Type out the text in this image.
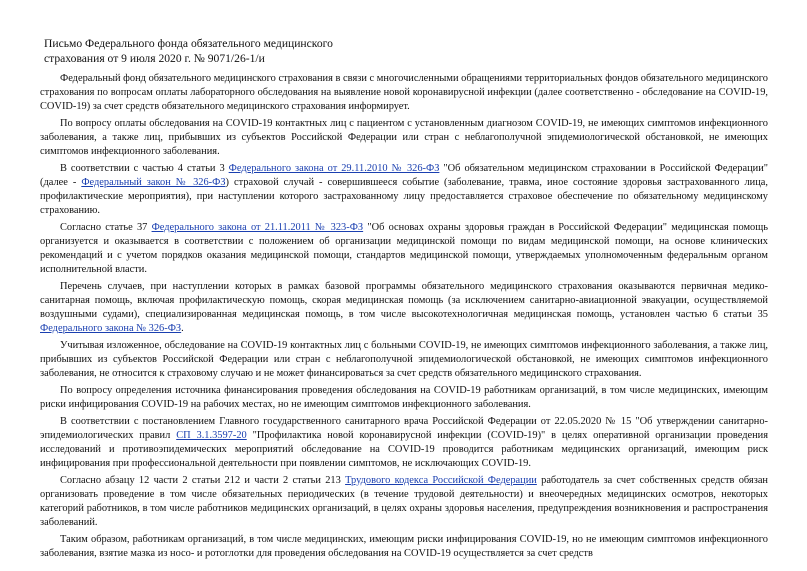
Письмо Федерального фонда обязательного медицинского
страхования от 9 июля 2020 г. № 9071/26-1/и

Федеральный фонд обязательного медицинского страхования в связи с многочисленными обращениями территориальных фондов обязательного медицинского страхования по вопросам оплаты лабораторного обследования на выявление новой коронавирусной инфекции (далее соответственно - обследование на COVID-19, COVID-19) за счет средств обязательного медицинского страхования информирует.

По вопросу оплаты обследования на COVID-19 контактных лиц с пациентом с установленным диагнозом COVID-19, не имеющих симптомов инфекционного заболевания, а также лиц, прибывших из субъектов Российской Федерации или стран с неблагополучной эпидемиологической обстановкой, не имеющих симптомов инфекционного заболевания.

В соответствии с частью 4 статьи 3 Федерального закона от 29.11.2010 № 326-ФЗ "Об обязательном медицинском страховании в Российской Федерации" (далее - Федеральный закон № 326-ФЗ) страховой случай - совершившееся событие (заболевание, травма, иное состояние здоровья застрахованного лица, профилактические мероприятия), при наступлении которого застрахованному лицу предоставляется страховое обеспечение по обязательному медицинскому страхованию.

Согласно статье 37 Федерального закона от 21.11.2011 № 323-ФЗ "Об основах охраны здоровья граждан в Российской Федерации" медицинская помощь организуется и оказывается в соответствии с положением об организации медицинской помощи по видам медицинской помощи, на основе клинических рекомендаций и с учетом порядков оказания медицинской помощи, стандартов медицинской помощи, утверждаемых уполномоченным федеральным органом исполнительной власти.

Перечень случаев, при наступлении которых в рамках базовой программы обязательного медицинского страхования оказываются первичная медико-санитарная помощь, включая профилактическую помощь, скорая медицинская помощь (за исключением санитарно-авиационной эвакуации, осуществляемой воздушными судами), специализированная медицинская помощь, в том числе высокотехнологичная медицинская помощь, установлен частью 6 статьи 35 Федерального закона № 326-ФЗ.

Учитывая изложенное, обследование на COVID-19 контактных лиц с больными COVID-19, не имеющих симптомов инфекционного заболевания, а также лиц, прибывших из субъектов Российской Федерации или стран с неблагополучной эпидемиологической обстановкой, не имеющих симптомов инфекционного заболевания, не относится к страховому случаю и не может финансироваться за счет средств обязательного медицинского страхования.

По вопросу определения источника финансирования проведения обследования на COVID-19 работникам организаций, в том числе медицинских, имеющим риски инфицирования COVID-19 на рабочих местах, но не имеющим симптомов инфекционного заболевания.

В соответствии с постановлением Главного государственного санитарного врача Российской Федерации от 22.05.2020 № 15 "Об утверждении санитарно-эпидемиологических правил СП 3.1.3597-20 "Профилактика новой коронавирусной инфекции (COVID-19)" в целях оперативной организации проведения исследований и противоэпидемических мероприятий обследование на COVID-19 проводится работникам медицинских организаций, имеющим риск инфицирования при профессиональной деятельности при появлении симптомов, не исключающих COVID-19.

Согласно абзацу 12 части 2 статьи 212 и части 2 статьи 213 Трудового кодекса Российской Федерации работодатель за счет собственных средств обязан организовать проведение в том числе обязательных периодических (в течение трудовой деятельности) и внеочередных медицинских осмотров, некоторых категорий работников, в том числе работников медицинских организаций, в целях охраны здоровья населения, предупреждения возникновения и распространения заболеваний.

Таким образом, работникам организаций, в том числе медицинских, имеющим риски инфицирования COVID-19, но не имеющим симптомов инфекционного заболевания, взятие мазка из носо- и ротоглотки для проведения обследования на COVID-19 осуществляется за счет средств
